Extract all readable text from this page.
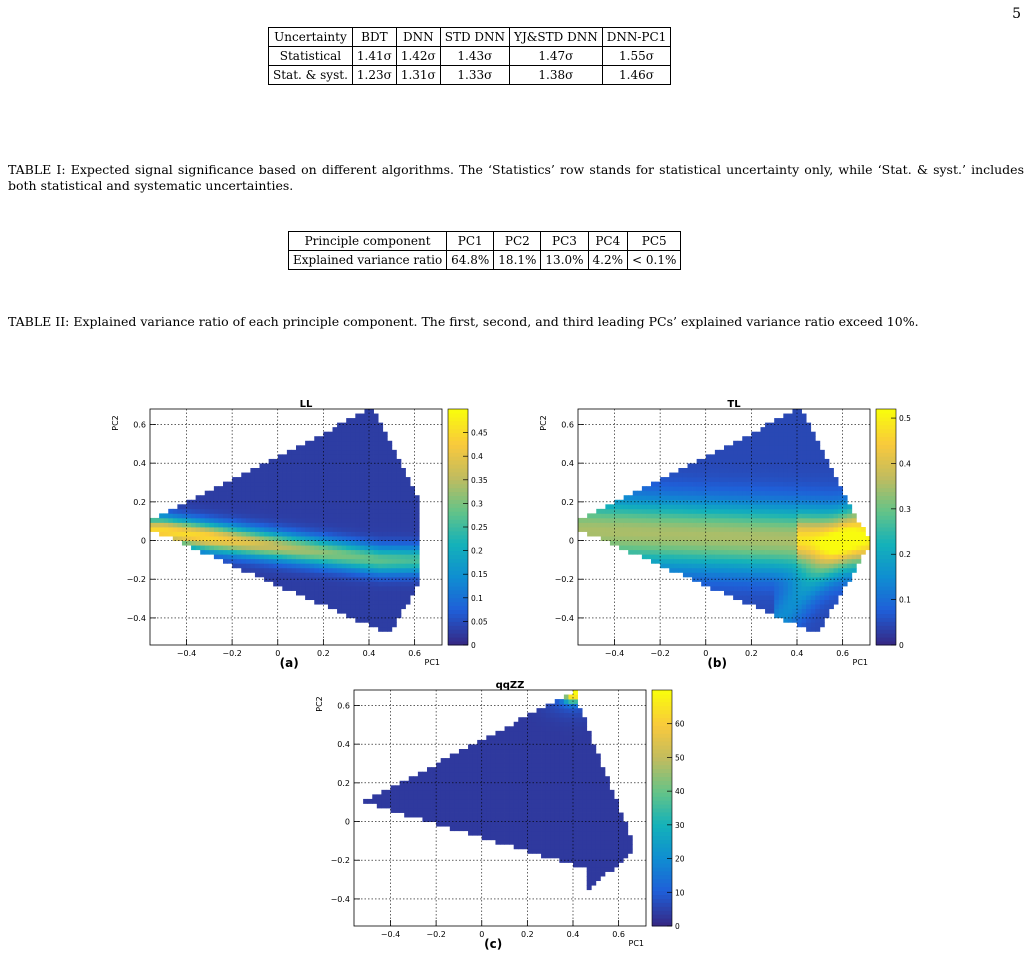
5
Uncertainty	BDT	DNN	STD DNN	YJ&STD DNN	DNN-PC1
Statistical	1.41σ	1.42σ	1.43σ	1.47σ	1.55σ
Stat. & syst.	1.23σ	1.31σ	1.33σ	1.38σ	1.46σ
TABLE I: Expected signal significance based on different algorithms. The ‘Statistics’ row stands for statistical uncertainty only, while ‘Stat. & syst.’ includes both statistical and systematic uncertainties.
Principle component	PC1	PC2	PC3	PC4	PC5
Explained variance ratio	64.8%	18.1%	13.0%	4.2%	< 0.1%
TABLE II: Explained variance ratio of each principle component. The first, second, and third leading PCs’ explained variance ratio exceed 10%.
−0.4	−0.2	0	0.2	0.4	0.6
0.6
0.4
0.2
0
−0.2
−0.4
PC1
PC2
LL
(a)
0.45
0.4
0.35
0.3
0.25
0.2
0.15
0.1
0.05
0
−0.4	−0.2	0	0.2	0.4	0.6
0.6
0.4
0.2
0
−0.2
−0.4
PC1
PC2
TL
(b)
0.5
0.4
0.3
0.2
0.1
0
−0.4	−0.2	0	0.2	0.4	0.6
0.6
0.4
0.2
0
−0.2
−0.4
PC1
PC2
qqZZ
(c)
60
50
40
30
20
10
0
